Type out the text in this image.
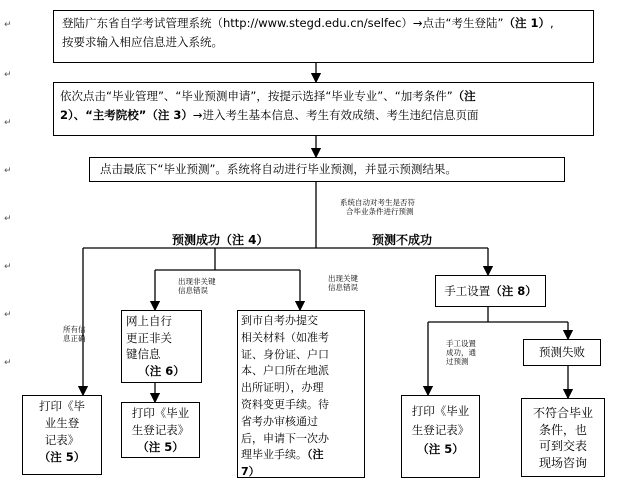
登陆广东省自学考试管理系统（http://www.stegd.edu.cn/selfec）→点击“考生登陆”（注 1）,
按要求输入相应信息进入系统。
依次点击“毕业管理”、“毕业预测申请”，按提示选择“毕业专业”、“加考条件”（注
2）、“主考院校”（注 3）→进入考生基本信息、考生有效成绩、考生违纪信息页面
点击最底下“毕业预测”。系统将自动进行毕业预测，并显示预测结果。
系统自动对考生是否符
合毕业条件进行预测
预测成功（注 4）	预测不成功
出现非关键
信息错误
出现关键
信息错误
所有信
息正确
手工设置
成功，通
过预测
网上自行
更正非关
键信息
（注 6）
到市自考办提交
相关材料（如准考
证、身份证、户口
本、户口所在地派
出所证明），办理
资料变更手续。待
省考办审核通过
后，申请下一次办
理毕业手续。（注
7）
打印《毕
业生登
记表》
（注 5）
打印《毕业
生登记表》
（注 5）
手工设置（注 8）
预测失败
打印《毕业
生登记表》
（注 5）
不符合毕业
条件，也
可到交表
现场咨询
↵
↵
↵
↵
↵
↵
↵
↵
